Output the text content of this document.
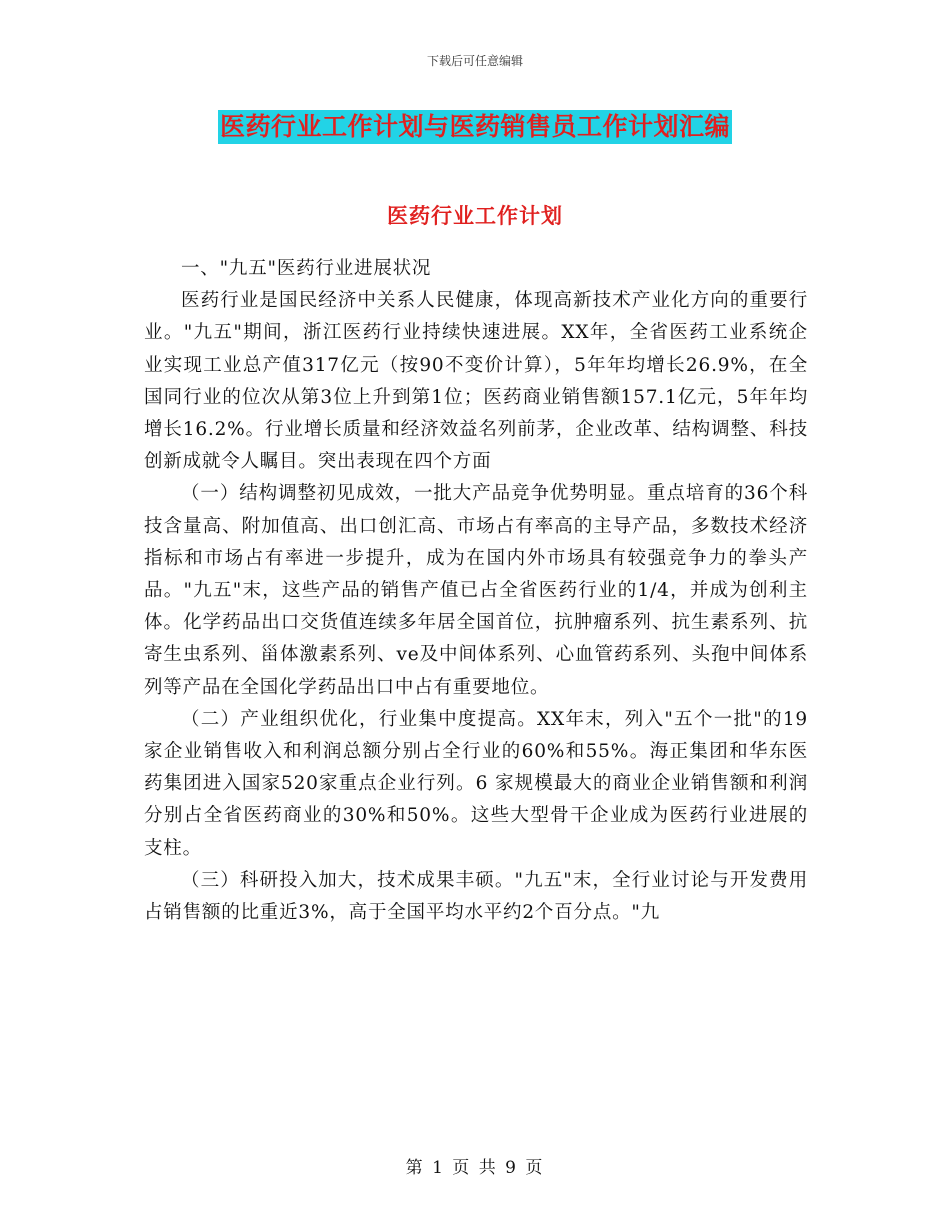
下载后可任意编辑
医药行业工作计划与医药销售员工作计划汇编
医药行业工作计划

一、"九五"医药行业进展状况

医药行业是国民经济中关系人民健康，体现高新技术产业化方向的重要行业。"九五"期间，浙江医药行业持续快速进展。XX年，全省医药工业系统企业实现工业总产值317亿元（按90不变价计算），5年年均增长26.9%，在全国同行业的位次从第3位上升到第1位；医药商业销售额157.1亿元，5年年均增长16.2%。行业增长质量和经济效益名列前茅，企业改革、结构调整、科技创新成就令人瞩目。突出表现在四个方面

（一）结构调整初见成效，一批大产品竞争优势明显。重点培育的36个科技含量高、附加值高、出口创汇高、市场占有率高的主导产品，多数技术经济指标和市场占有率进一步提升，成为在国内外市场具有较强竞争力的拳头产品。"九五"末，这些产品的销售产值已占全省医药行业的1/4，并成为创利主体。化学药品出口交货值连续多年居全国首位，抗肿瘤系列、抗生素系列、抗寄生虫系列、甾体激素系列、ve及中间体系列、心血管药系列、头孢中间体系列等产品在全国化学药品出口中占有重要地位。

（二）产业组织优化，行业集中度提高。XX年末，列入"五个一批"的19家企业销售收入和利润总额分别占全行业的60%和55%。海正集团和华东医药集团进入国家520家重点企业行列。6 家规模最大的商业企业销售额和利润分别占全省医药商业的30%和50%。这些大型骨干企业成为医药行业进展的支柱。

（三）科研投入加大，技术成果丰硕。"九五"末，全行业讨论与开发费用占销售额的比重近3%，高于全国平均水平约2个百分点。"九

第 1 页 共 9 页
